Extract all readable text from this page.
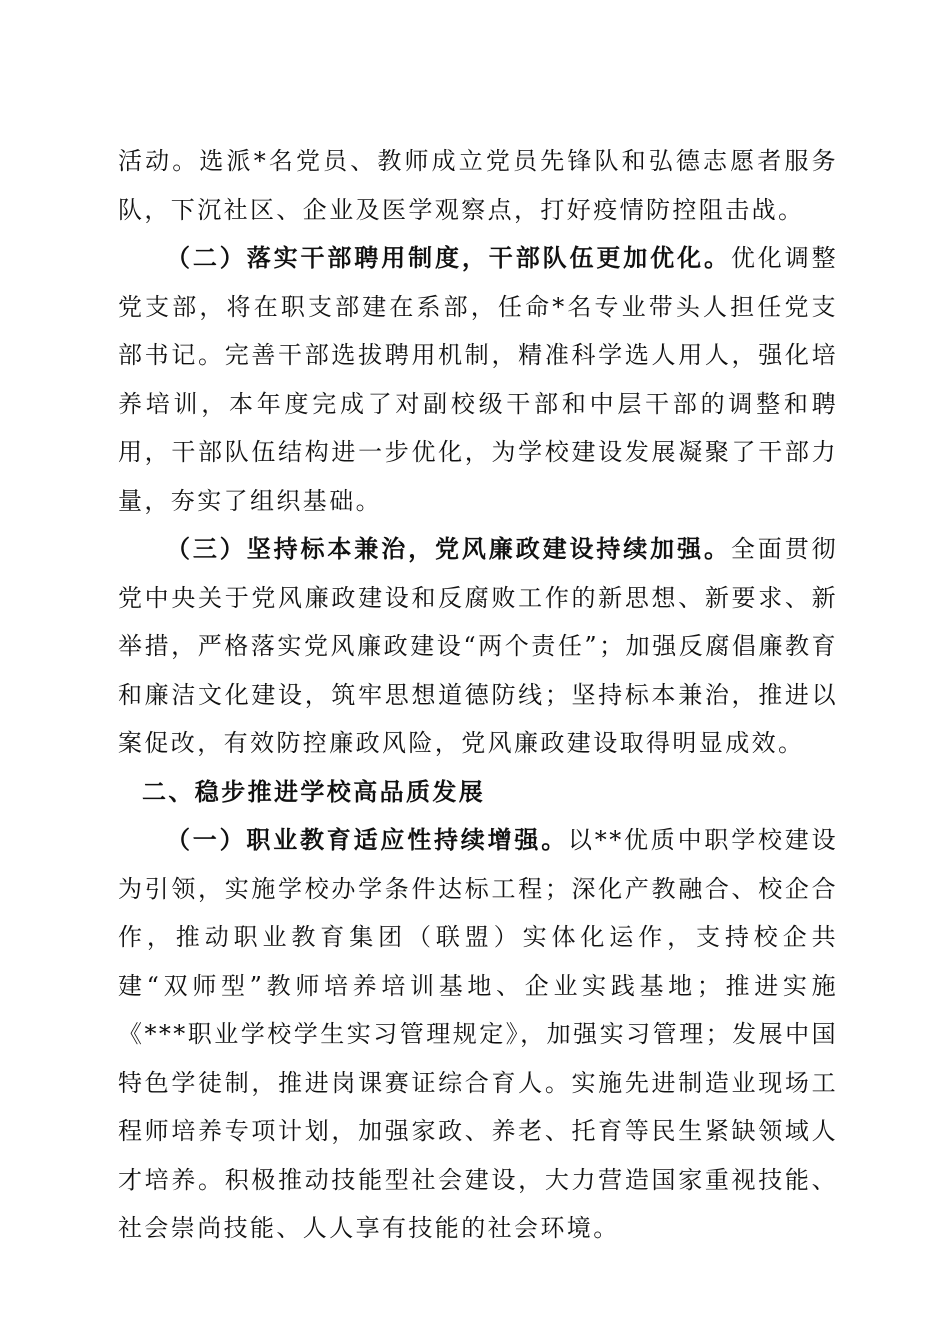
活动。选派*名党员、教师成立党员先锋队和弘德志愿者服务队，下沉社区、企业及医学观察点，打好疫情防控阻击战。

（二）落实干部聘用制度，干部队伍更加优化。优化调整党支部，将在职支部建在系部，任命*名专业带头人担任党支部书记。完善干部选拔聘用机制，精准科学选人用人，强化培养培训，本年度完成了对副校级干部和中层干部的调整和聘用，干部队伍结构进一步优化，为学校建设发展凝聚了干部力量，夯实了组织基础。

（三）坚持标本兼治，党风廉政建设持续加强。全面贯彻党中央关于党风廉政建设和反腐败工作的新思想、新要求、新举措，严格落实党风廉政建设“两个责任”；加强反腐倡廉教育和廉洁文化建设，筑牢思想道德防线；坚持标本兼治，推进以案促改，有效防控廉政风险，党风廉政建设取得明显成效。

二、稳步推进学校高品质发展

（一）职业教育适应性持续增强。以**优质中职学校建设为引领，实施学校办学条件达标工程；深化产教融合、校企合作，推动职业教育集团（联盟）实体化运作，支持校企共建“双师型”教师培养培训基地、企业实践基地；推进实施《***职业学校学生实习管理规定》，加强实习管理；发展中国特色学徒制，推进岗课赛证综合育人。实施先进制造业现场工程师培养专项计划，加强家政、养老、托育等民生紧缺领域人才培养。积极推动技能型社会建设，大力营造国家重视技能、社会崇尚技能、人人享有技能的社会环境。
